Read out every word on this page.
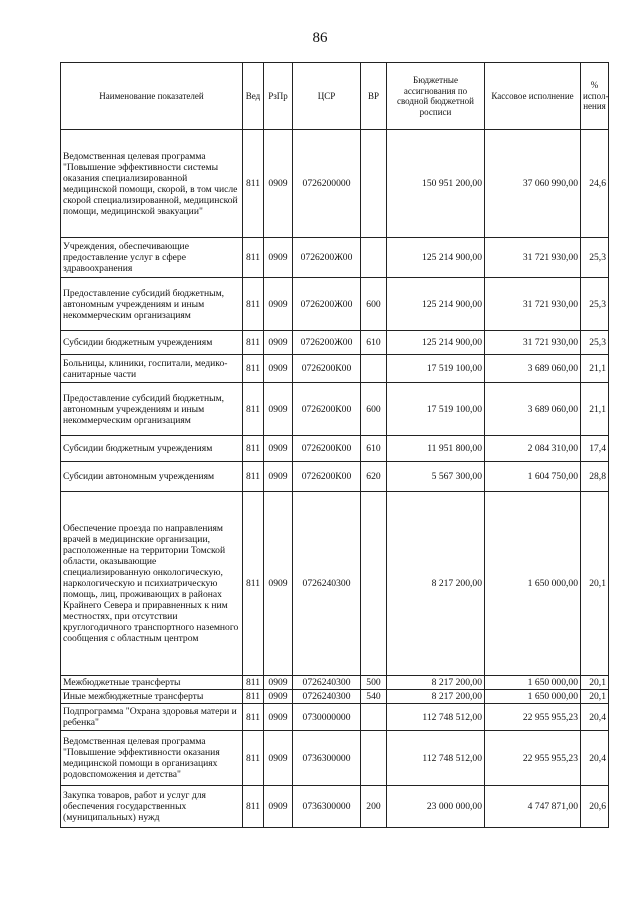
86
Наименование показателей	Вед	РзПр	ЦСР	ВР	Бюджетные ассигнования по сводной бюджетной росписи	Кассовое исполнение	% испол-нения
Ведомственная целевая программа "Повышение эффективности системы оказания специализированной медицинской помощи, скорой, в том числе скорой специализированной, медицинской помощи, медицинской эвакуации"	811	0909	0726200000		150 951 200,00	37 060 990,00	24,6
Учреждения, обеспечивающие предоставление услуг в сфере здравоохранения	811	0909	0726200Ж00		125 214 900,00	31 721 930,00	25,3
Предоставление субсидий бюджетным, автономным учреждениям и иным некоммерческим организациям	811	0909	0726200Ж00	600	125 214 900,00	31 721 930,00	25,3
Субсидии бюджетным учреждениям	811	0909	0726200Ж00	610	125 214 900,00	31 721 930,00	25,3
Больницы, клиники, госпитали, медико-санитарные части	811	0909	0726200К00		17 519 100,00	3 689 060,00	21,1
Предоставление субсидий бюджетным, автономным учреждениям и иным некоммерческим организациям	811	0909	0726200К00	600	17 519 100,00	3 689 060,00	21,1
Субсидии бюджетным учреждениям	811	0909	0726200К00	610	11 951 800,00	2 084 310,00	17,4
Субсидии автономным учреждениям	811	0909	0726200К00	620	5 567 300,00	1 604 750,00	28,8
Обеспечение проезда по направлениям врачей в медицинские организации, расположенные на территории Томской области, оказывающие специализированную онкологическую, наркологическую и психиатрическую помощь, лиц, проживающих в районах Крайнего Севера и приравненных к ним местностях, при отсутствии круглогодичного транспортного наземного сообщения с областным центром	811	0909	0726240300		8 217 200,00	1 650 000,00	20,1
Межбюджетные трансферты	811	0909	0726240300	500	8 217 200,00	1 650 000,00	20,1
Иные межбюджетные трансферты	811	0909	0726240300	540	8 217 200,00	1 650 000,00	20,1
Подпрограмма "Охрана здоровья матери и ребенка"	811	0909	0730000000		112 748 512,00	22 955 955,23	20,4
Ведомственная целевая программа "Повышение эффективности оказания медицинской помощи в организациях родовспоможения и детства"	811	0909	0736300000		112 748 512,00	22 955 955,23	20,4
Закупка товаров, работ и услуг для обеспечения государственных (муниципальных) нужд	811	0909	0736300000	200	23 000 000,00	4 747 871,00	20,6
